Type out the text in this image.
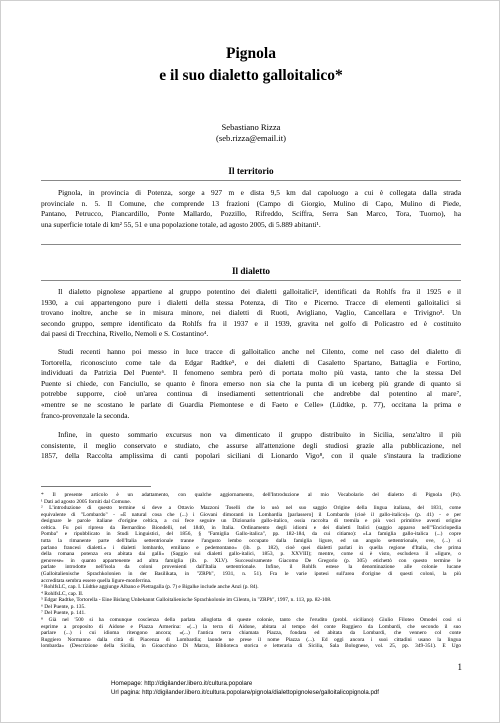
Pignola
e il suo dialetto galloitalico*
Sebastiano Rizza
(seb.rizza@email.it)
Il territorio
Pignola, in provincia di Potenza, sorge a 927 m e dista 9,5 km dal capoluogo a cui è collegata dalla strada
provinciale n. 5. Il Comune, che comprende 13 frazioni (Campo di Giorgio, Mulino di Capo, Mulino di Piede,
Pantano, Petrucco, Piancardillo, Ponte Mallardo, Pozzillo, Rifreddo, Sciffra, Serra San Marco, Tora, Tuorno), ha
una superficie totale di km² 55, 51 e una popolazione totale, ad agosto 2005, di 5.889 abitanti¹.
Il dialetto
Il dialetto pignolese appartiene al gruppo potentino dei dialetti galloitalici², identificati da Rohlfs fra il 1925 e il
1930, a cui appartengono pure i dialetti della stessa Potenza, di Tito e Picerno. Tracce di elementi galloitalici si
trovano inoltre, anche se in misura minore, nei dialetti di Ruoti, Avigliano, Vaglio, Cancellara e Trivigno³. Un
secondo gruppo, sempre identificato da Rohlfs fra il 1937 e il 1939, gravita nel golfo di Policastro ed è costituito
dai paesi di Trecchina, Rivello, Nemoli e S. Costantino⁴.
Studi recenti hanno poi messo in luce tracce di galloitalico anche nel Cilento, come nel caso del dialetto di
Tortorella, riconosciuto come tale da Edgar Radtke⁵, e dei dialetti di Casaletto Spartano, Battaglia e Fortino,
individuati da Patrizia Del Puente⁶. Il fenomeno sembra però di portata molto più vasta, tanto che la stessa Del
Puente si chiede, con Fanciullo, se quanto è finora emerso non sia che la punta di un iceberg più grande di quanto si
potrebbe supporre, cioè un'area continua di insediamenti settentrionali che andrebbe dal potentino al mare⁷,
«mentre se ne scostano le parlate di Guardia Piemontese e di Faeto e Celle» (Lüdtke, p. 77), occitana la prima e
franco-provenzale la seconda.
Infine, in questo sommario excursus non va dimenticato il gruppo distribuito in Sicilia, senz'altro il più
consistente, il meglio conservato e studiato, che assurse all'attenzione degli studiosi grazie alla pubblicazione, nel
1857, della Raccolta amplissima di canti popolari siciliani di Lionardo Vigo⁸, con il quale s'instaura la tradizione
* Il presente articolo è un adattamento, con qualche aggiornamento, dell'Introduzione al mio Vocabolario del dialetto di Pignola (Pz).
¹ Dati ad agosto 2005 forniti dal Comune.
² L'introduzione di questo termine si deve a Ottavio Mazzoni Toselli che lo usò nel suo saggio Origine della lingua italiana, del 1831, come
equivalente di "Lombardo" - «È natural cosa che (...) i Giovani dimoranti in Lombardia [parlassero] il Lombardo (cioè il gallo-italico)» (p. 41) - e per
designare le parole italiane d'origine celtica, a cui fece seguire un Dizionario gallo-italico, ossia raccolta di tremila e più voci primitive aventi origine
celtica. Fu poi ripreso da Bernardino Biondelli, nel 1840, in Italia. Ordinamento degli idiomi e dei dialetti Italici (saggio apparso nell'"Enciclopedia
Pomba" e ripubblicato in Studi Linguistici, del 1856, § "Famiglia Gallo-italica", pp. 182-184, da cui citiamo): «La famiglia gallo-italica (...) copre
tutta la rimanente parte dell'Italia settentrionale tranne l'angusto lembo occupato dalla famiglia ligure, ed un angolo settentrionale, ove, (...) si
parlano francesi dialetti.» i dialetti lombardo, emiliano e pedemontano» (ib. p. 182), cioè quei dialetti parlati in quella regione d'Italia, che prima
della romana potenza era abitata dai galli» (Saggio sui dialetti gallo-italici, 1853, p. XXVIII); mentre, come si è visto, escludeva il «ligure, o
genovese» in quanto appartenente ad altra famiglia (ib. p. XLV). Successivamente Giacomo De Gregorio (p. 305) etichettò con questo termine le
parlate introdotte nell'isola da coloni provenienti dall'Italia settentrionale. Infine, il Rohlfs estese la denominazione alle colonie lucane
(Galloitalienische Sprachkolonien in der Basilikata, in "ZRPh", 1931, n. 51). Fra le varie ipotesi sull'area d'origine di questi coloni, la più
accreditata sembra essere quella ligure-monferrina.
³ RohlfsLC, cap. I. Lüdtke aggiunge Albano e Pietragalla (p. 7) e Bigalke include anche Anzi (p. 84).
⁴ RohlfsLC, cap. II.
⁵ Edgar Radtke, Tortorella - Eine Bislang Unbekannt Galloitalienische Sprachkolonie im Cilento, in "ZRPh", 1997, n. 113, pp. 82-108.
⁶ Del Puente, p. 135.
⁷ Del Puente, p. 141.
⁸ Già nel '500 si ha comunque coscienza della parlata alloglotta di queste colonie, tanto che l'erudito (probl. siciliano) Giulio Filoteo Omodei così si
esprime a proposito di Aidone e Piazza Armerina: «(...) la terra di Aidone, abitata al tempo del conte Ruggiero da Lombardi, che secondo il suo
parlare (...) i cui idioma ritengono ancora; «(...) l'antica terra chiamata Piazza, fondata ed abitata da Lombardi, che vennero col conte
Ruggiero Normanno dalla città di Piacenza di Lombardia; laonde ne prese il nome Piazza (...). Ed oggi ancora i suoi cittadini usano la lingua
lombarda» (Descrizione della Sicilia, in Gioacchino Di Marzo, Biblioteca storica e letteraria di Sicilia, Sala Bolognese, vol. 25, pp. 349-351). E Ugo
1
Homepage: http://digilander.libero.it/cultura.popolare
Url pagina: http://digilander.libero.it/cultura.popolare/pignola/dialettopignolese/galloitalicopignola.pdf
